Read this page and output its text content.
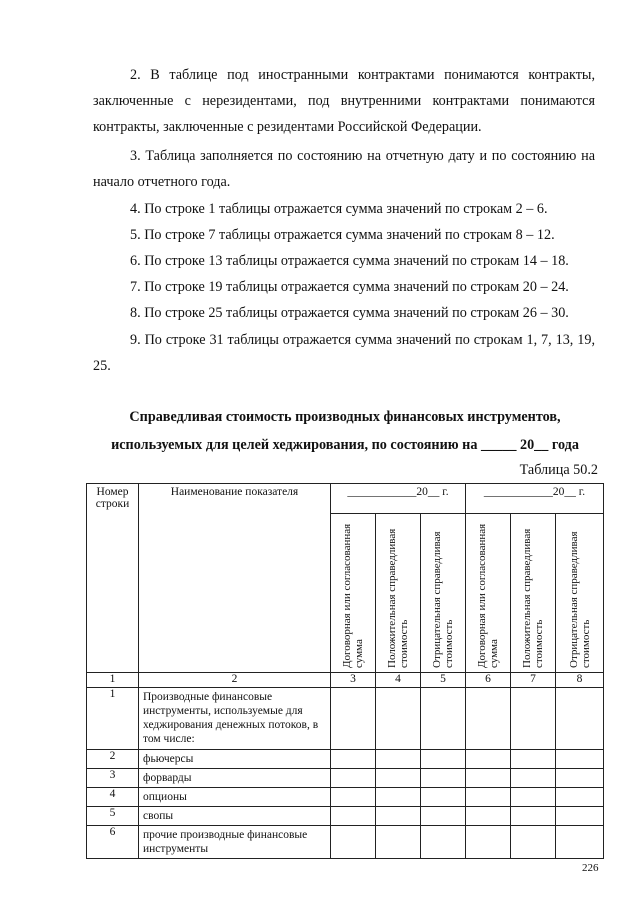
2. В таблице под иностранными контрактами понимаются контракты, заключенные с нерезидентами, под внутренними контрактами понимаются контракты, заключенные с резидентами Российской Федерации.

3. Таблица заполняется по состоянию на отчетную дату и по состоянию на начало отчетного года.

4. По строке 1 таблицы отражается сумма значений по строкам 2 – 6.

5. По строке 7 таблицы отражается сумма значений по строкам 8 – 12.

6. По строке 13 таблицы отражается сумма значений по строкам 14 – 18.

7. По строке 19 таблицы отражается сумма значений по строкам 20 – 24.

8. По строке 25 таблицы отражается сумма значений по строкам 26 – 30.

9. По строке 31 таблицы отражается сумма значений по строкам 1, 7, 13, 19, 25.

Справедливая стоимость производных финансовых инструментов,

используемых для целей хеджирования, по состоянию на _____ 20__ года

Таблица 50.2

Номер строки	Наименование показателя	____________20__ г.			____________20__ г.		

		Договорная или согласованная сумма	Положительная справедливая стоимость	Отрицательная справедливая стоимость	Договорная или согласованная сумма	Положительная справедливая стоимость	Отрицательная справедливая стоимость

1	2	3	4	5	6	7	8
1	Производные финансовые инструменты, используемые для хеджирования денежных потоков, в том числе:						
2	фьючерсы						
3	форварды						
4	опционы						
5	свопы						
6	прочие производные финансовые инструменты						
226
